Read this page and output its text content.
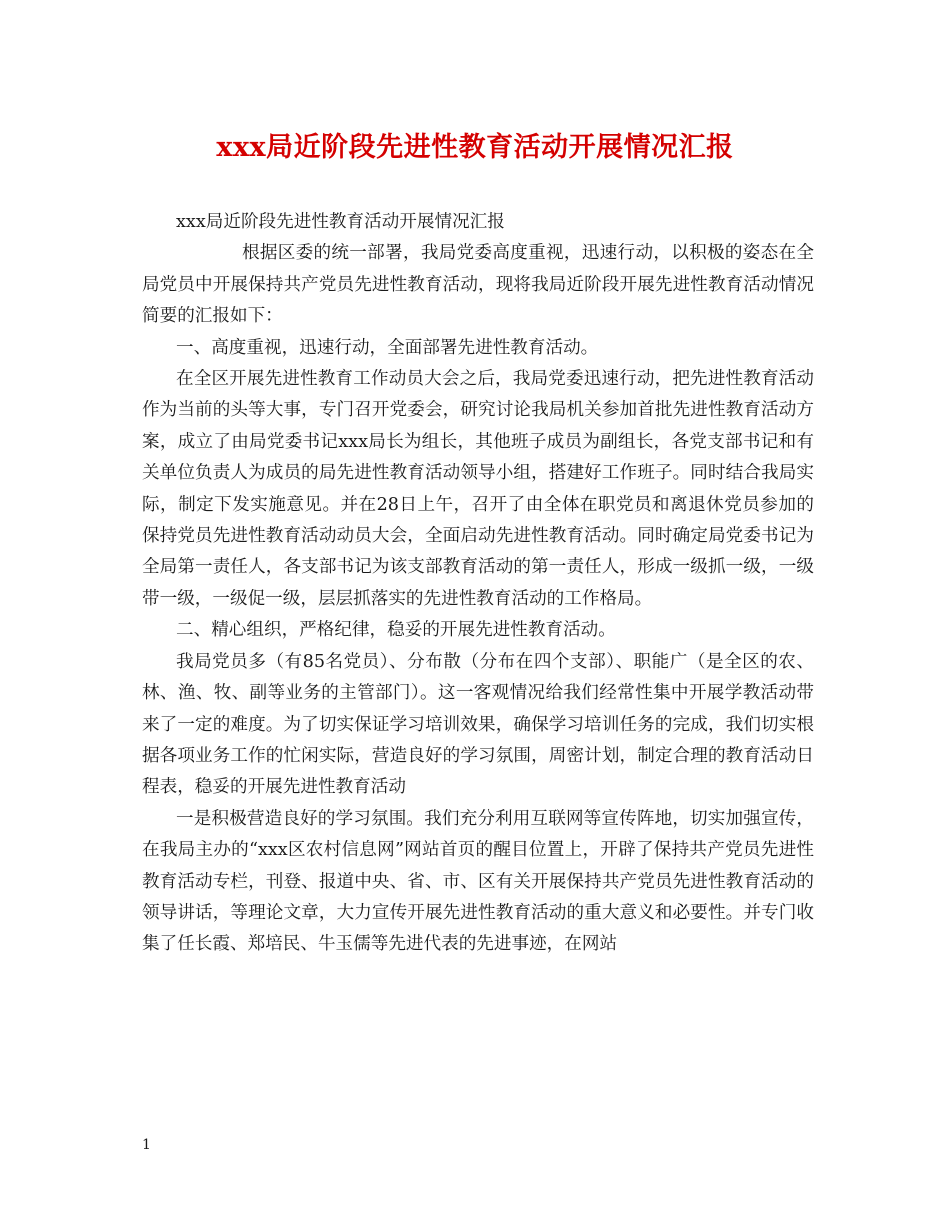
xxx局近阶段先进性教育活动开展情况汇报

xxx局近阶段先进性教育活动开展情况汇报

根据区委的统一部署，我局党委高度重视，迅速行动，以积极的姿态在全局党员中开展保持共产党员先进性教育活动，现将我局近阶段开展先进性教育活动情况简要的汇报如下：

一、高度重视，迅速行动，全面部署先进性教育活动。

在全区开展先进性教育工作动员大会之后，我局党委迅速行动，把先进性教育活动作为当前的头等大事，专门召开党委会，研究讨论我局机关参加首批先进性教育活动方案，成立了由局党委书记xxx局长为组长，其他班子成员为副组长，各党支部书记和有关单位负责人为成员的局先进性教育活动领导小组，搭建好工作班子。同时结合我局实际，制定下发实施意见。并在28日上午，召开了由全体在职党员和离退休党员参加的保持党员先进性教育活动动员大会，全面启动先进性教育活动。同时确定局党委书记为全局第一责任人，各支部书记为该支部教育活动的第一责任人，形成一级抓一级，一级带一级，一级促一级，层层抓落实的先进性教育活动的工作格局。

二、精心组织，严格纪律，稳妥的开展先进性教育活动。

我局党员多（有85名党员）、分布散（分布在四个支部）、职能广（是全区的农、林、渔、牧、副等业务的主管部门）。这一客观情况给我们经常性集中开展学教活动带来了一定的难度。为了切实保证学习培训效果，确保学习培训任务的完成，我们切实根据各项业务工作的忙闲实际，营造良好的学习氛围，周密计划，制定合理的教育活动日程表，稳妥的开展先进性教育活动

一是积极营造良好的学习氛围。我们充分利用互联网等宣传阵地，切实加强宣传，在我局主办的“xxx区农村信息网”网站首页的醒目位置上，开辟了保持共产党员先进性教育活动专栏，刊登、报道中央、省、市、区有关开展保持共产党员先进性教育活动的领导讲话，等理论文章，大力宣传开展先进性教育活动的重大意义和必要性。并专门收集了任长霞、郑培民、牛玉儒等先进代表的先进事迹，在网站

1
